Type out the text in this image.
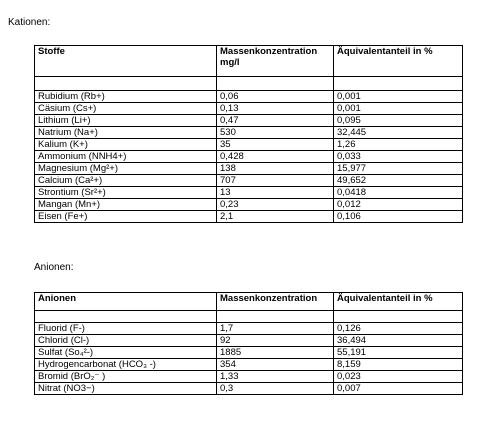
Kationen:
Stoffe	Massenkonzentration mg/l	Äquivalentanteil in %

Rubidium (Rb+)	0,06	0,001
Cäsium (Cs+)	0,13	0,001
Lithium (Li+)	0,47	0,095
Natrium (Na+)	530	32,445
Kalium (K+)	35	1,26
Ammonium (NNH4+)	0,428	0,033
Magnesium (Mg²+)	138	15,977
Calcium (Ca²+)	707	49,652
Strontium (Sr²+)	13	0,0418
Mangan (Mn+)	0,23	0,012
Eisen (Fe+)	2,1	0,106
Anionen:
Anionen	Massenkonzentration	Äquivalentanteil in %

Fluorid (F-)	1,7	0,126
Chlorid (Cl-)	92	36,494
Sulfat (So₄²-)	1885	55,191
Hydrogencarbonat (HCO₃ -)	354	8,159
Bromid (BrO₂⁻ )	1,33	0,023
Nitrat (NO3−)	0,3	0,007
